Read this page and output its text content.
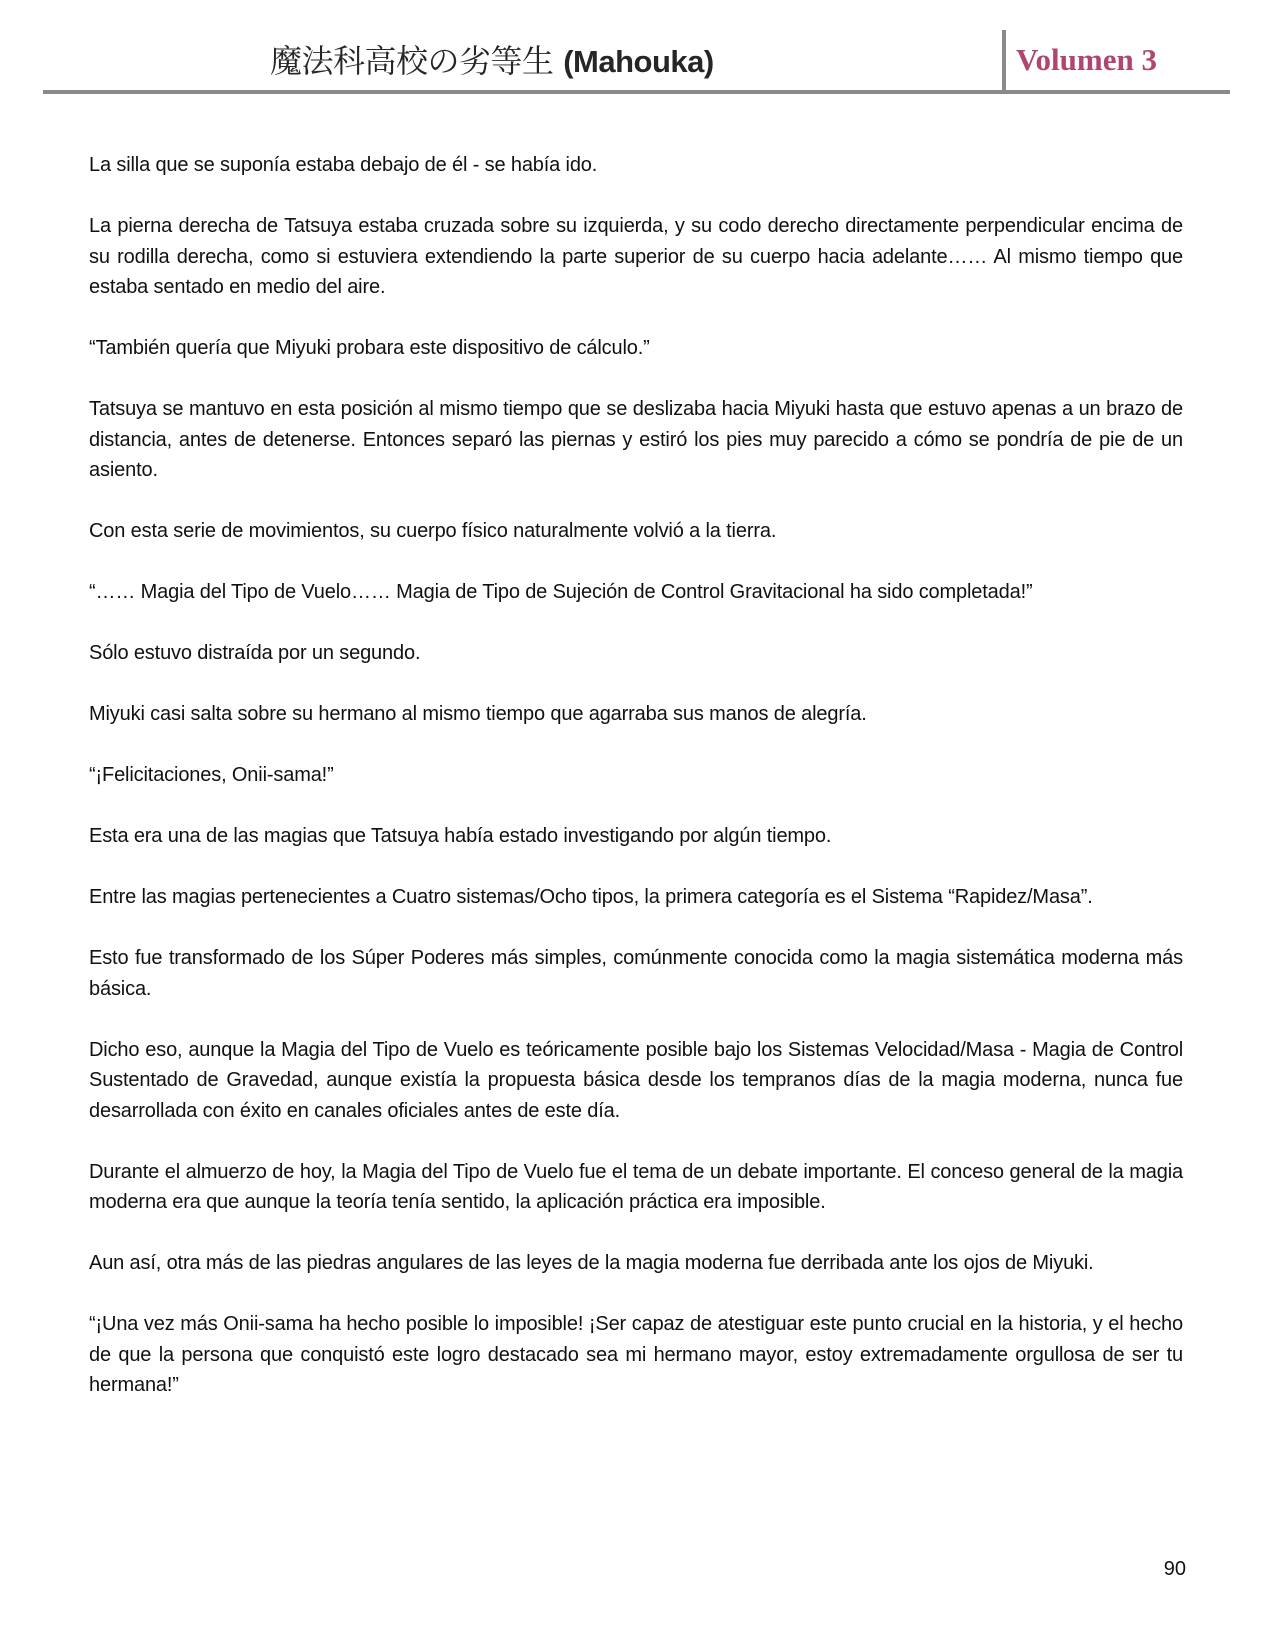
魔法科高校の劣等生 (Mahouka)	Volumen 3

La silla que se suponía estaba debajo de él - se había ido.

La pierna derecha de Tatsuya estaba cruzada sobre su izquierda, y su codo derecho directamente perpendicular encima de su rodilla derecha, como si estuviera extendiendo la parte superior de su cuerpo hacia adelante…… Al mismo tiempo que estaba sentado en medio del aire.

“También quería que Miyuki probara este dispositivo de cálculo.”

Tatsuya se mantuvo en esta posición al mismo tiempo que se deslizaba hacia Miyuki hasta que estuvo apenas a un brazo de distancia, antes de detenerse. Entonces separó las piernas y estiró los pies muy parecido a cómo se pondría de pie de un asiento.

Con esta serie de movimientos, su cuerpo físico naturalmente volvió a la tierra.

“…… Magia del Tipo de Vuelo…… Magia de Tipo de Sujeción de Control Gravitacional ha sido completada!”

Sólo estuvo distraída por un segundo.

Miyuki casi salta sobre su hermano al mismo tiempo que agarraba sus manos de alegría.

“¡Felicitaciones, Onii-sama!”

Esta era una de las magias que Tatsuya había estado investigando por algún tiempo.

Entre las magias pertenecientes a Cuatro sistemas/Ocho tipos, la primera categoría es el Sistema “Rapidez/Masa”.

Esto fue transformado de los Súper Poderes más simples, comúnmente conocida como la magia sistemática moderna más básica.

Dicho eso, aunque la Magia del Tipo de Vuelo es teóricamente posible bajo los Sistemas Velocidad/Masa - Magia de Control Sustentado de Gravedad, aunque existía la propuesta básica desde los tempranos días de la magia moderna, nunca fue desarrollada con éxito en canales oficiales antes de este día.

Durante el almuerzo de hoy, la Magia del Tipo de Vuelo fue el tema de un debate importante. El conceso general de la magia moderna era que aunque la teoría tenía sentido, la aplicación práctica era imposible.

Aun así, otra más de las piedras angulares de las leyes de la magia moderna fue derribada ante los ojos de Miyuki.

“¡Una vez más Onii-sama ha hecho posible lo imposible! ¡Ser capaz de atestiguar este punto crucial en la historia, y el hecho de que la persona que conquistó este logro destacado sea mi hermano mayor, estoy extremadamente orgullosa de ser tu hermana!”

90
